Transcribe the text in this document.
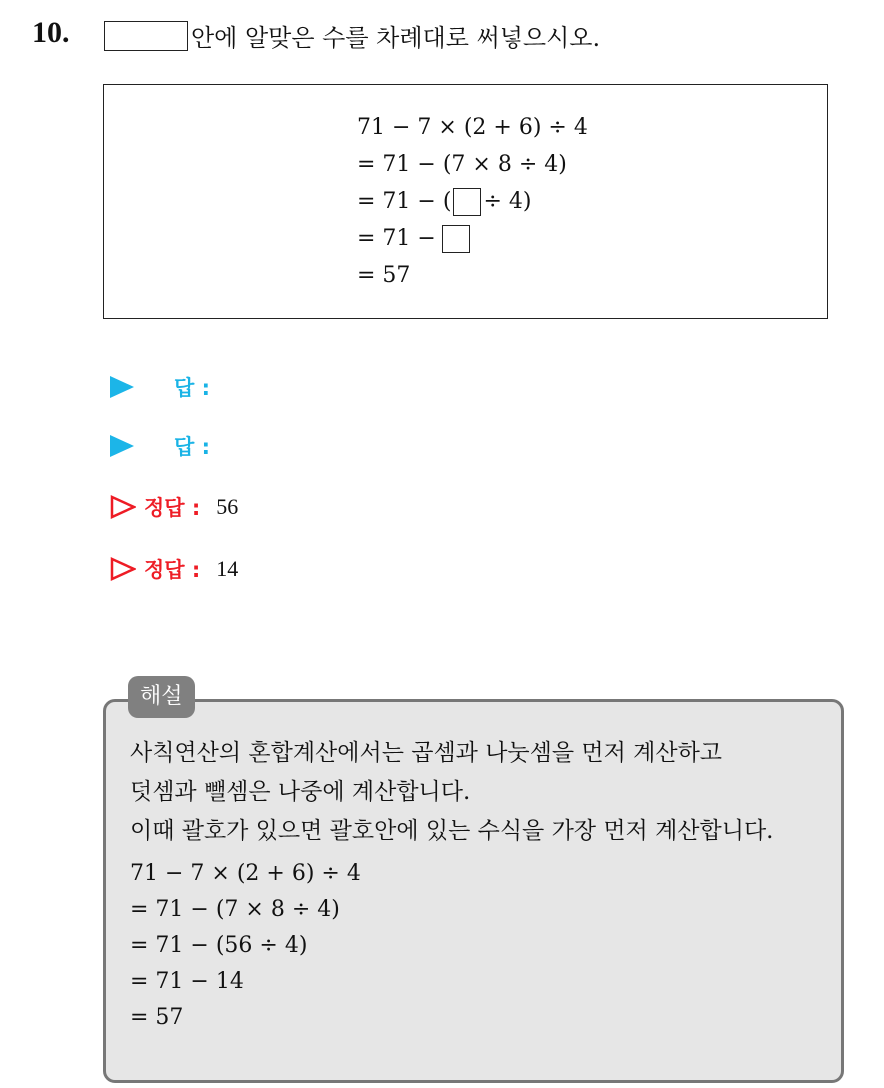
10.	안에 알맞은 수를 차례대로 써넣으시오.
71 − 7 × (2 + 6) ÷ 4
= 71 − (7 × 8 ÷ 4)
= 71 − ( ÷ 4)
= 71 −
= 57
답 :
답 :
정답 : 56
정답 : 14
사칙연산의 혼합계산에서는 곱셈과 나눗셈을 먼저 계산하고
덧셈과 뺄셈은 나중에 계산합니다.
이때 괄호가 있으면 괄호안에 있는 수식을 가장 먼저 계산합니다.
71 − 7 × (2 + 6) ÷ 4
= 71 − (7 × 8 ÷ 4)
= 71 − (56 ÷ 4)
= 71 − 14
= 57
해설
